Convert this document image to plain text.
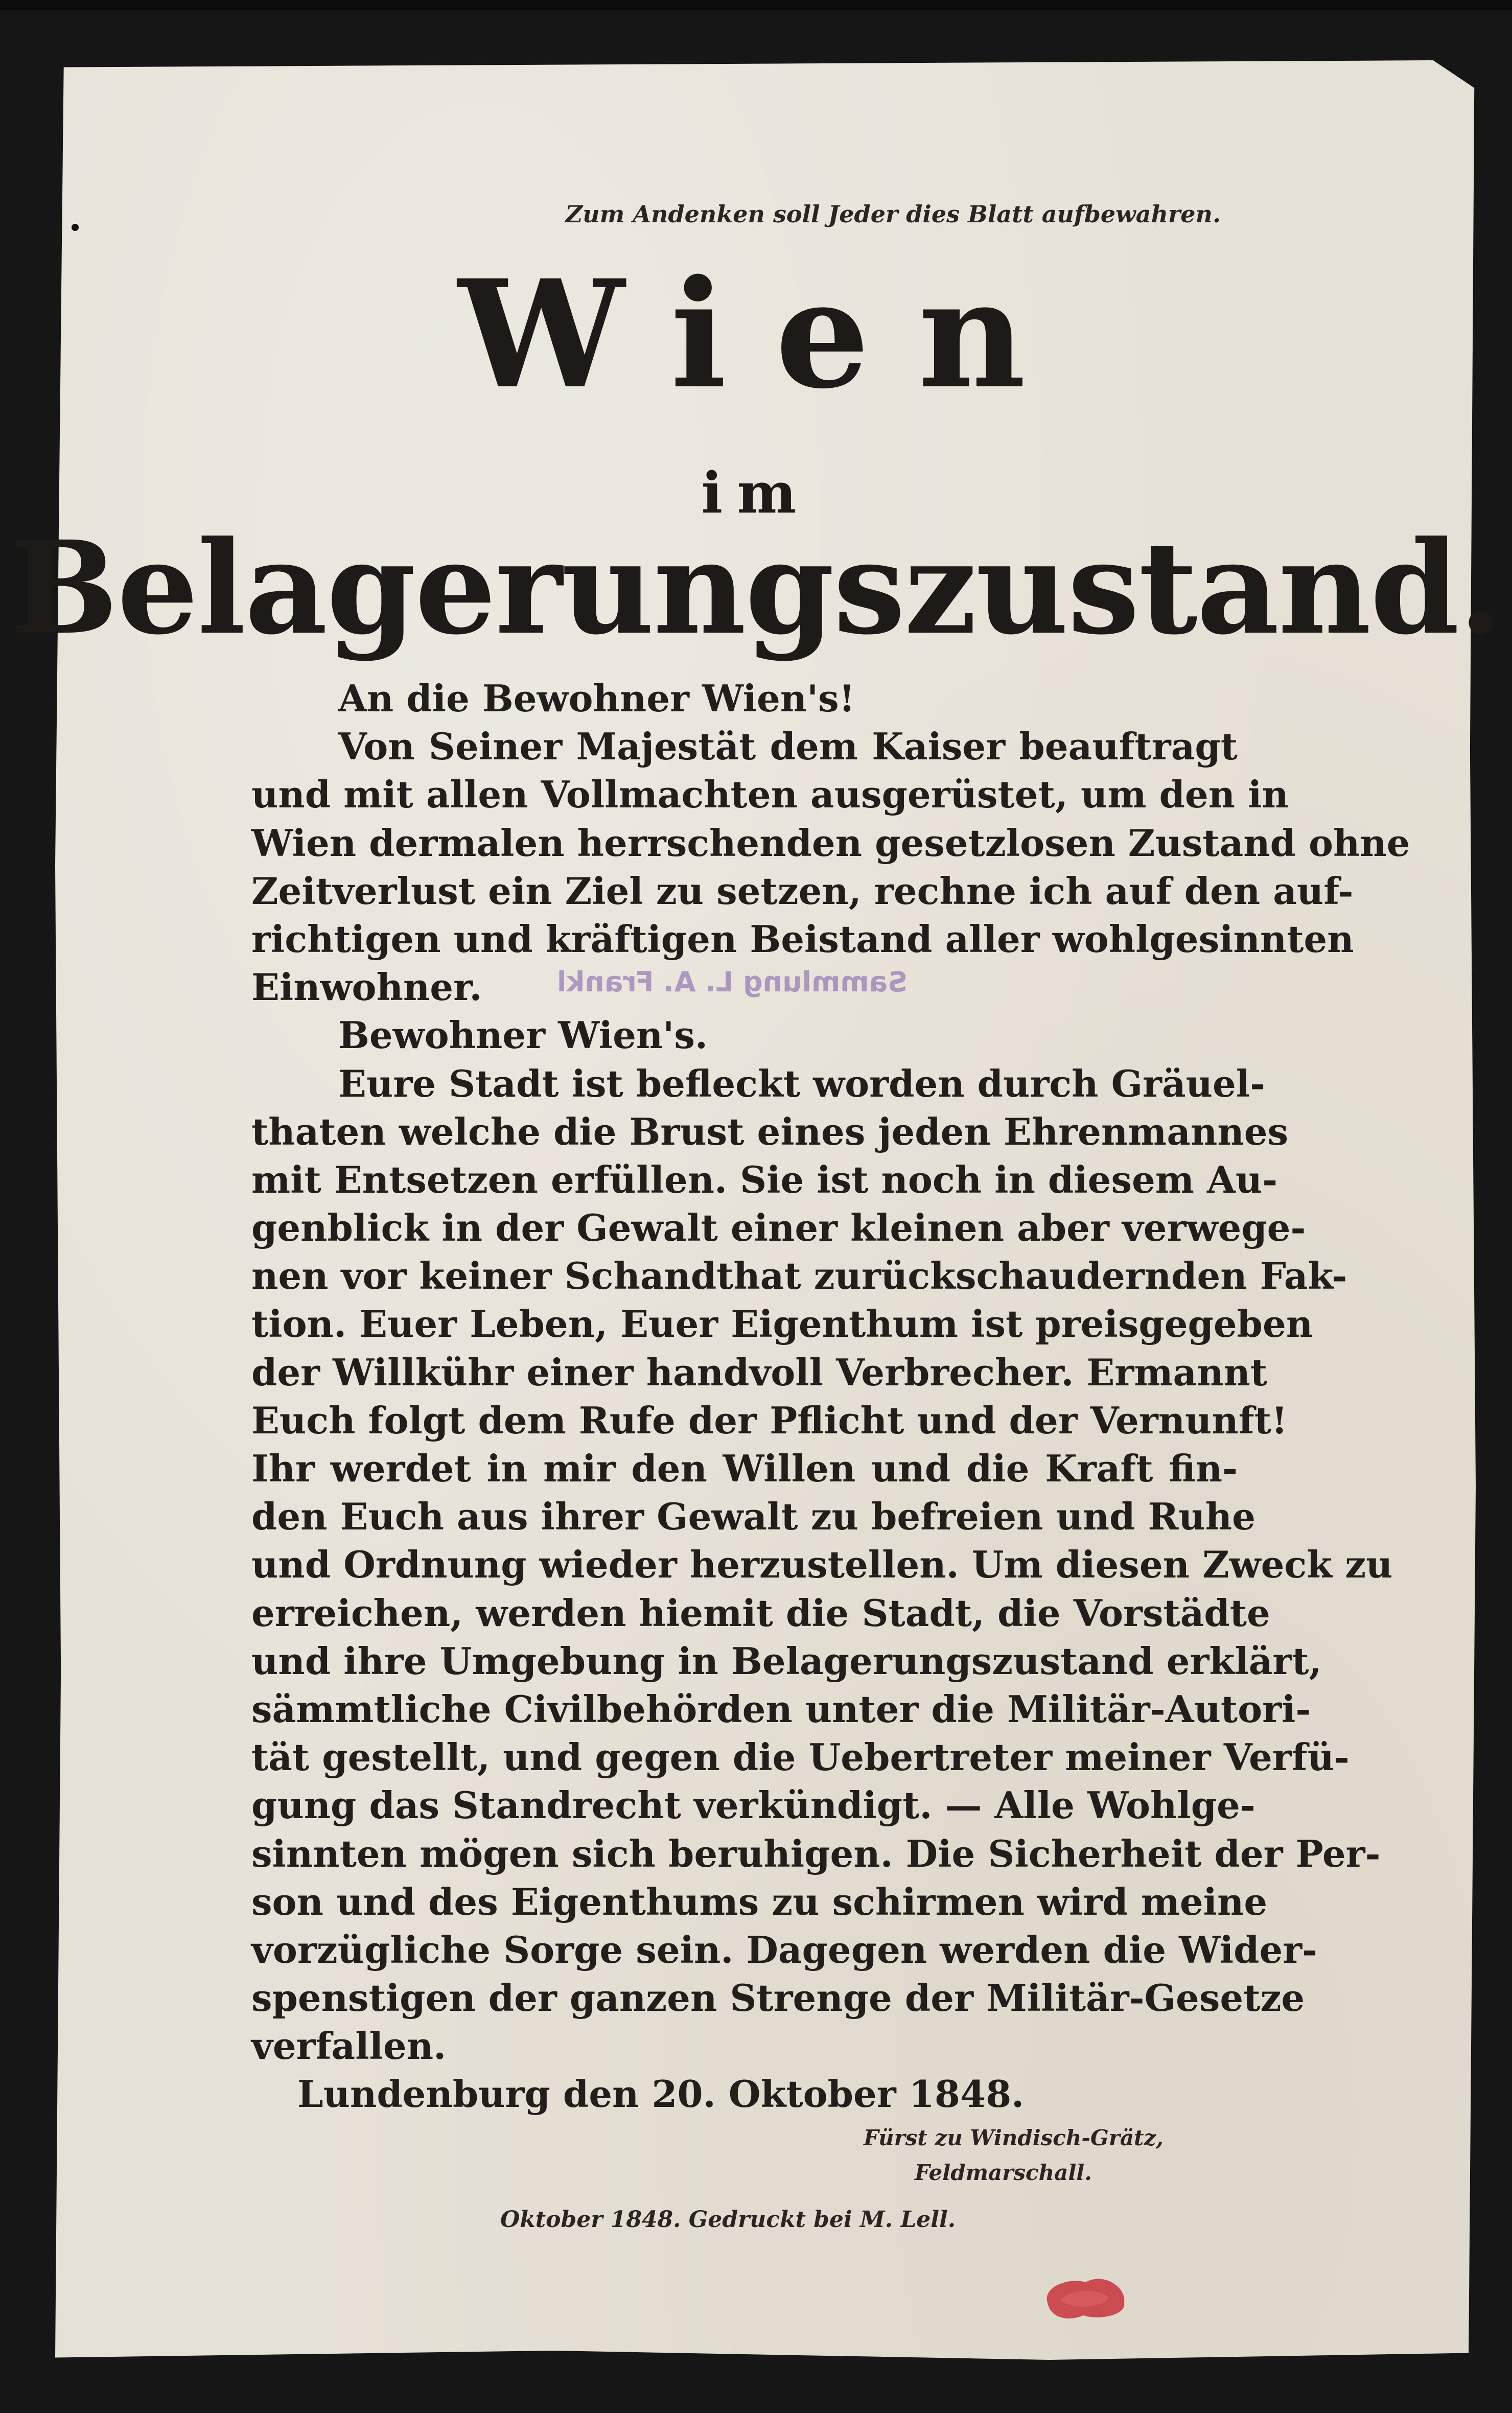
Zum Andenken soll Jeder dies Blatt aufbewahren.
Wien
im
Belagerungszustand.
An die Bewohner Wien's!
Von Seiner Majestät dem Kaiser beauftragt
und mit allen Vollmachten ausgerüstet, um den in
Wien dermalen herrschenden gesetzlosen Zustand ohne
Zeitverlust ein Ziel zu setzen, rechne ich auf den auf-
richtigen und kräftigen Beistand aller wohlgesinnten
Einwohner.
Bewohner Wien's.
Eure Stadt ist befleckt worden durch Gräuel-
thaten welche die Brust eines jeden Ehrenmannes
mit Entsetzen erfüllen. Sie ist noch in diesem Au-
genblick in der Gewalt einer kleinen aber verwege-
nen vor keiner Schandthat zurückschaudernden Fak-
tion. Euer Leben, Euer Eigenthum ist preisgegeben
der Willkühr einer handvoll Verbrecher. Ermannt
Euch folgt dem Rufe der Pflicht und der Vernunft!
Ihr werdet in mir den Willen und die Kraft fin-
den Euch aus ihrer Gewalt zu befreien und Ruhe
und Ordnung wieder herzustellen. Um diesen Zweck zu
erreichen, werden hiemit die Stadt, die Vorstädte
und ihre Umgebung in Belagerungszustand erklärt,
sämmtliche Civilbehörden unter die Militär-Autori-
tät gestellt, und gegen die Uebertreter meiner Verfü-
gung das Standrecht verkündigt. — Alle Wohlge-
sinnten mögen sich beruhigen. Die Sicherheit der Per-
son und des Eigenthums zu schirmen wird meine
vorzügliche Sorge sein. Dagegen werden die Wider-
spenstigen der ganzen Strenge der Militär-Gesetze
verfallen.
Lundenburg den 20. Oktober 1848.
Sammlung L. A. Frankl
Fürst zu Windisch-Grätz,
Feldmarschall.
Oktober 1848. Gedruckt bei M. Lell.
